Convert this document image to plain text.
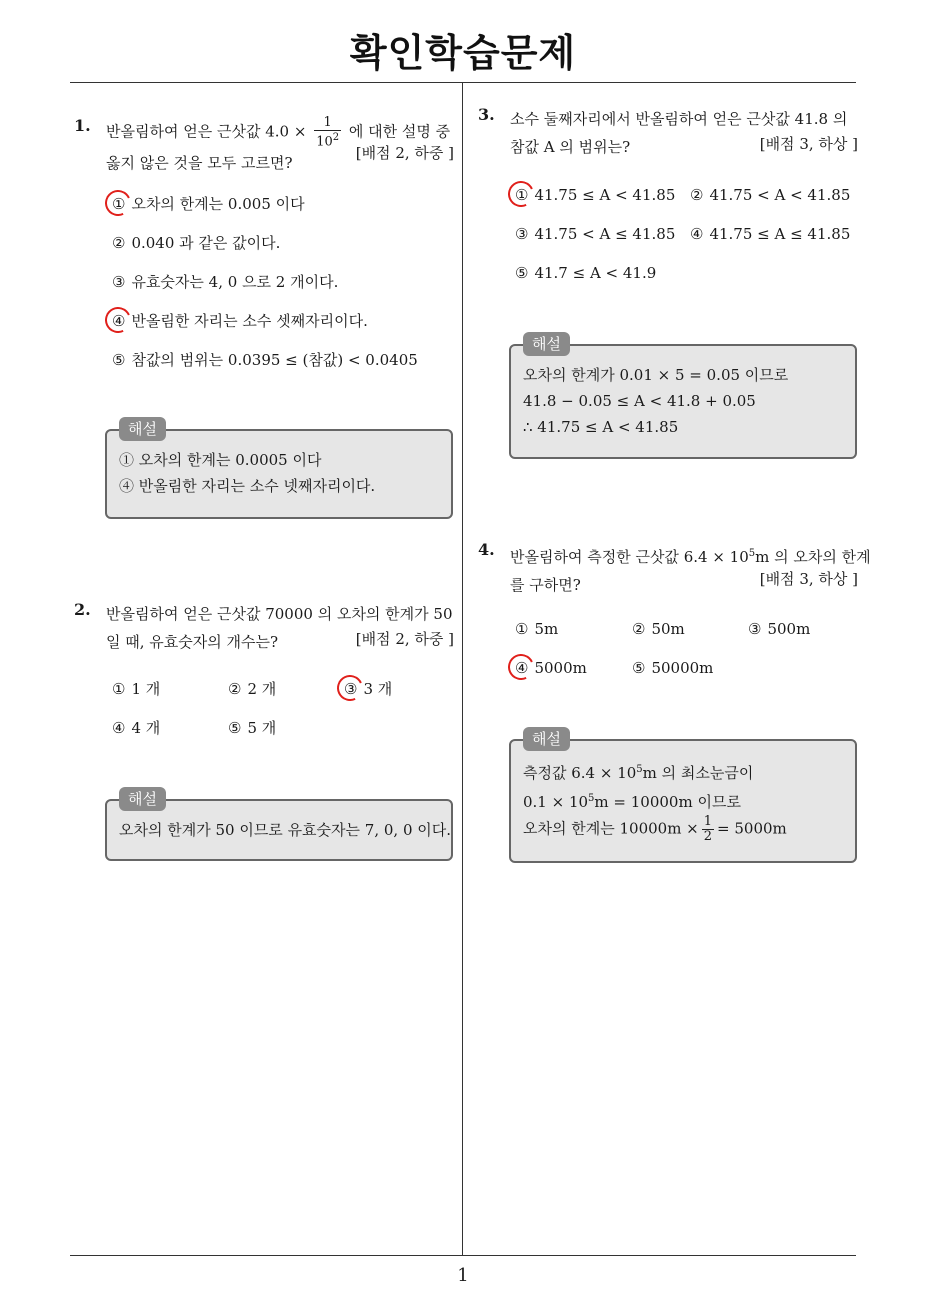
확인학습문제
1
1. 반올림하여 얻은 근삿값 $4.0 \times \frac{1}{10^2}$ 에 대한 설명 중
옳지 않은 것을 모두 고르면?
[배점 2, 하중 ]
① 오차의 한계는 0.005 이다
② 0.040 과 같은 값이다.
③ 유효숫자는 4, 0 으로 2 개이다.
④ 반올림한 자리는 소수 셋째자리이다.
⑤ 참값의 범위는 0.0395 ≤ (참값) < 0.0405
해설
① 오차의 한계는 0.0005 이다
④ 반올림한 자리는 소수 넷째자리이다.
2. 반올림하여 얻은 근삿값 70000 의 오차의 한계가 50
일 때, 유효숫자의 개수는?	[배점 2, 하중 ]
① 1 개	② 2 개	③ 3 개
④ 4 개	⑤ 5 개
해설
오차의 한계가 50 이므로 유효숫자는 7, 0, 0 이다.
3. 소수 둘째자리에서 반올림하여 얻은 근삿값 41.8 의
참값 A 의 범위는?	[배점 3, 하상 ]
① 41.75 ≤ A < 41.85 ② 41.75 < A < 41.85
③ 41.75 < A ≤ 41.85 ④ 41.75 ≤ A ≤ 41.85
⑤ 41.7 ≤ A < 41.9
해설
오차의 한계가 0.01 × 5 = 0.05 이므로
41.8 − 0.05 ≤ A < 41.8 + 0.05
∴ 41.75 ≤ A < 41.85
4. 반올림하여 측정한 근삿값 $6.4 \times 10^5m$ 의 오차의 한계
를 구하면?	[배점 3, 하상 ]
① 5m	② 50m	③ 500m
④ 5000m	⑤ 50000m
해설
측정값 $6.4 \times 10^5m$ 의 최소눈금이
$0.1 \times 10^5m = 10000m$ 이므로
오차의 한계는 $10000m \times \frac{1}{2} = 5000m$
